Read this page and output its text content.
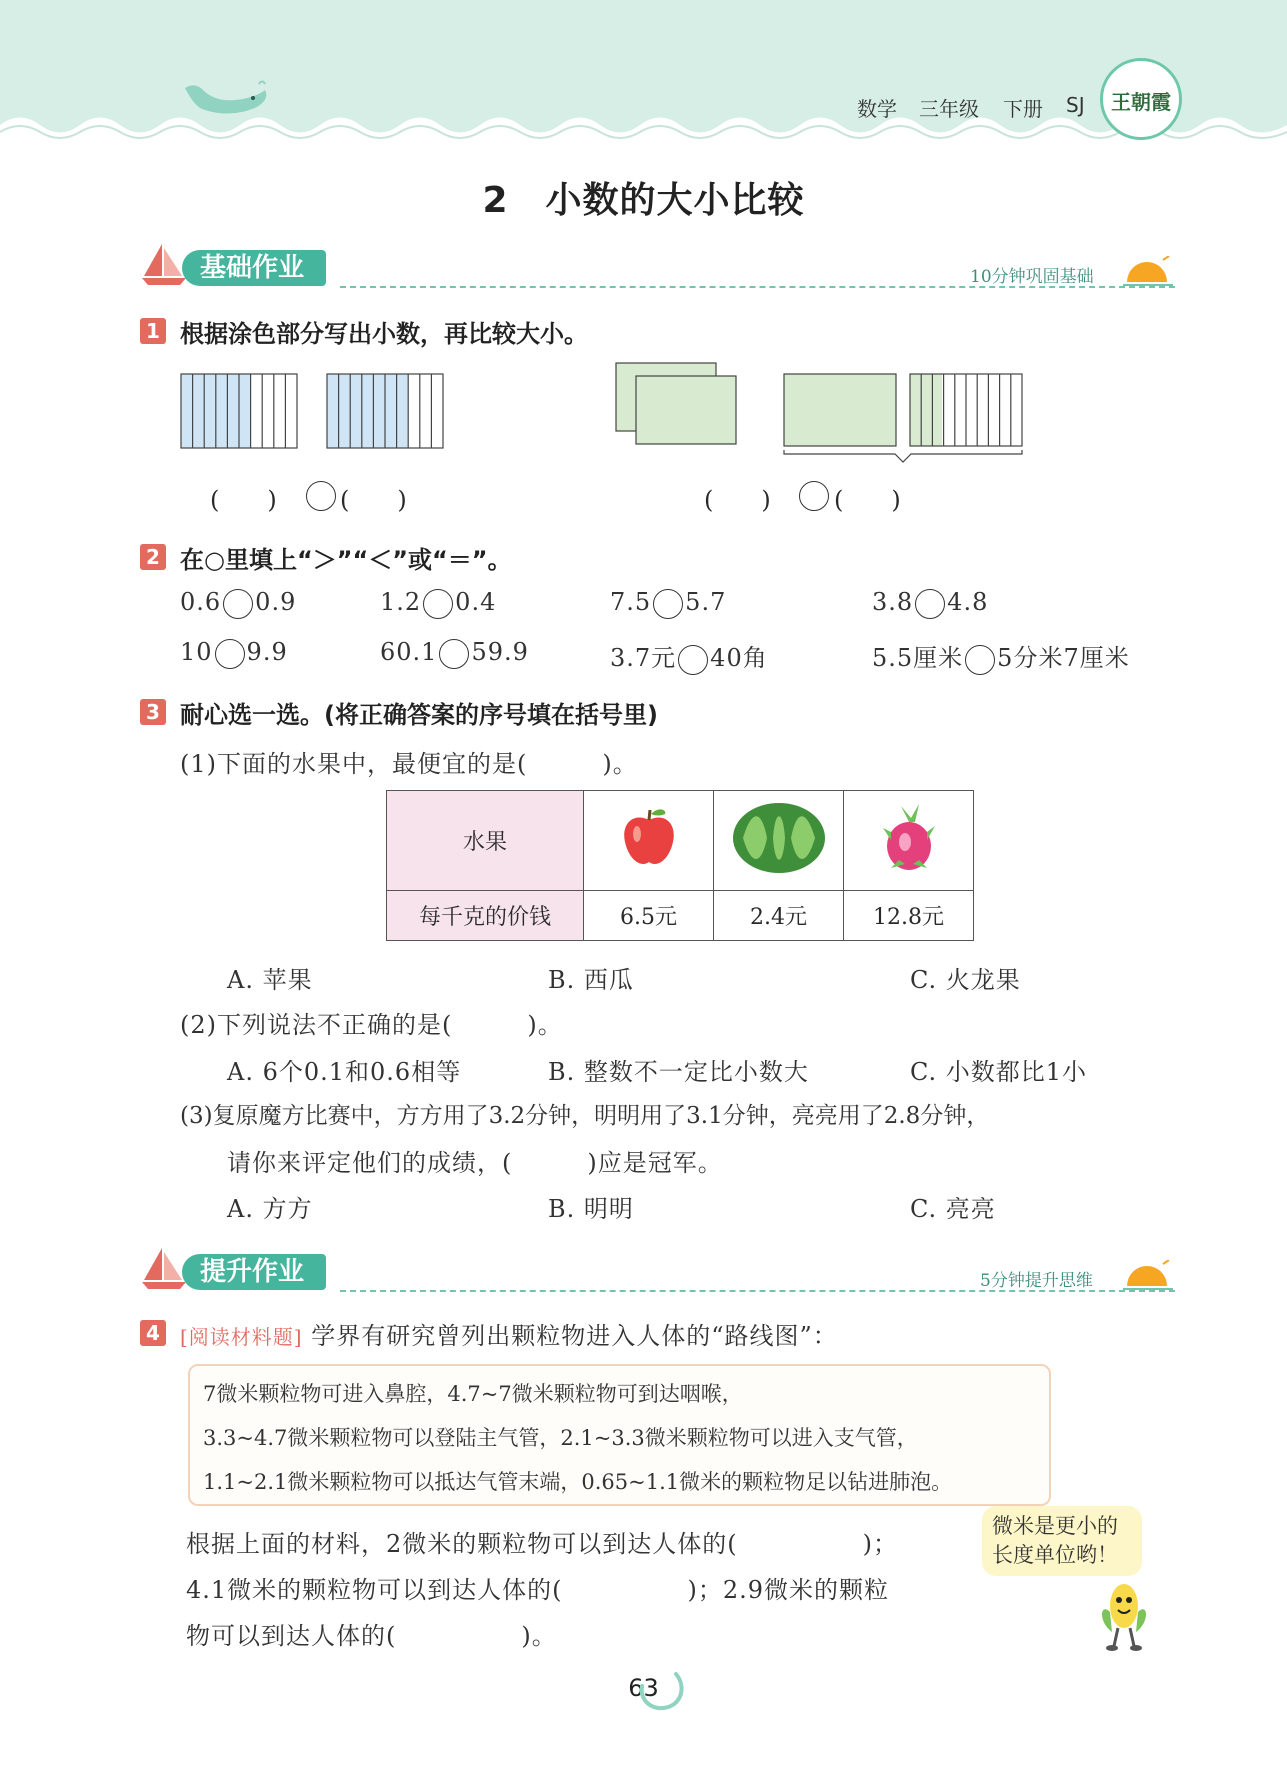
数学 三年级 下册 SJ	王朝霞
2　小数的大小比较
基础作业	10分钟巩固基础
1 根据涂色部分写出小数，再比较大小。
(　　)	(　　)	(　　)	(　　)
2 在○里填上“＞”“＜”或“＝”。
0.6 0.9	1.2 0.4	7.5 5.7	3.8 4.8
10 9.9	60.1 59.9	3.7元 40角	5.5厘米 5分米7厘米
3 耐心选一选。(将正确答案的序号填在括号里)
(1)下面的水果中，最便宜的是(　　　)。
水果			
每千克的价钱	6.5元	2.4元	12.8元
A. 苹果	B. 西瓜	C. 火龙果
(2)下列说法不正确的是(　　　)。
A. 6个0.1和0.6相等	B. 整数不一定比小数大	C. 小数都比1小
(3)复原魔方比赛中，方方用了3.2分钟，明明用了3.1分钟，亮亮用了2.8分钟，
请你来评定他们的成绩，(　　　)应是冠军。
A. 方方	B. 明明	C. 亮亮
提升作业	5分钟提升思维
4	[阅读材料题] 学界有研究曾列出颗粒物进入人体的“路线图”：
7微米颗粒物可进入鼻腔，4.7~7微米颗粒物可到达咽喉，
3.3~4.7微米颗粒物可以登陆主气管，2.1~3.3微米颗粒物可以进入支气管，
1.1~2.1微米颗粒物可以抵达气管末端，0.65~1.1微米的颗粒物足以钻进肺泡。
根据上面的材料，2微米的颗粒物可以到达人体的(　　　　　)；
4.1微米的颗粒物可以到达人体的(　　　　　)；2.9微米的颗粒
物可以到达人体的(　　　　　)。
微米是更小的长度单位哟！
63
